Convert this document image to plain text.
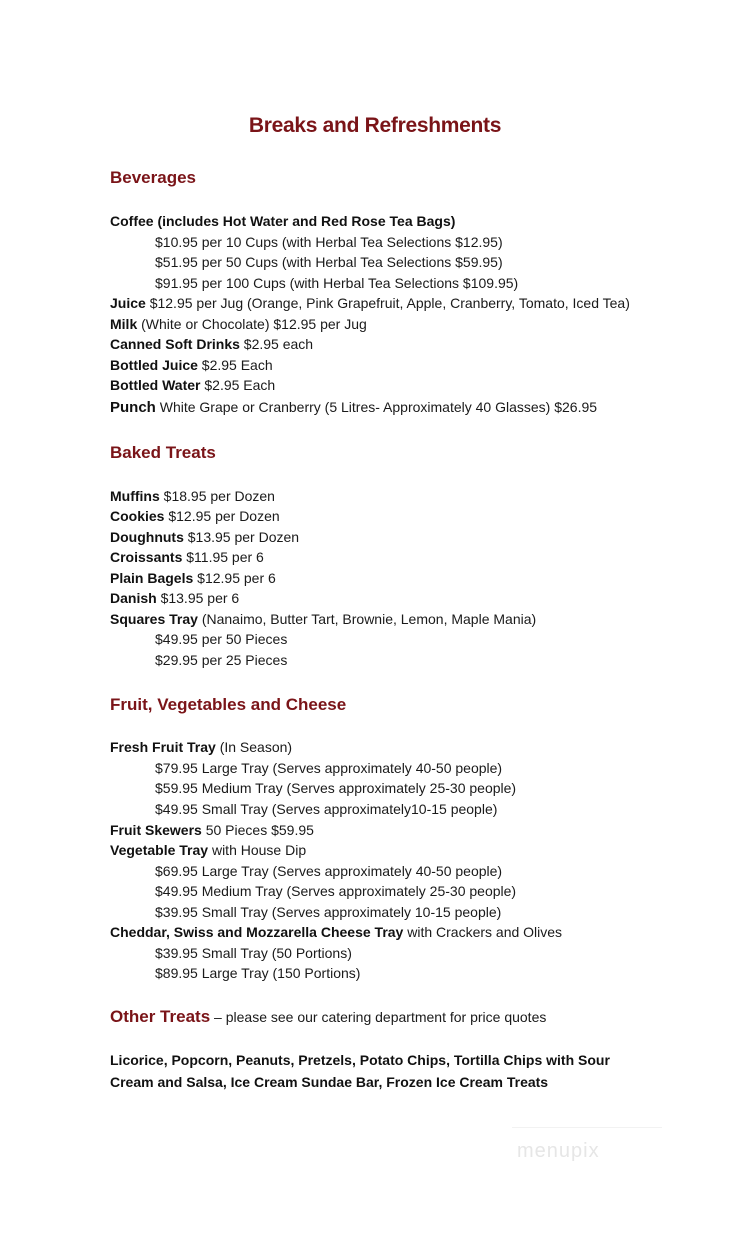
Breaks and Refreshments
Beverages
Coffee (includes Hot Water and Red Rose Tea Bags)
$10.95 per 10 Cups (with Herbal Tea Selections $12.95)
$51.95 per 50 Cups (with Herbal Tea Selections $59.95)
$91.95 per 100 Cups (with Herbal Tea Selections $109.95)
Juice $12.95 per Jug (Orange, Pink Grapefruit, Apple, Cranberry, Tomato, Iced Tea)
Milk (White or Chocolate) $12.95 per Jug
Canned Soft Drinks $2.95 each
Bottled Juice $2.95 Each
Bottled Water $2.95 Each
Punch White Grape or Cranberry (5 Litres- Approximately 40 Glasses) $26.95
Baked Treats
Muffins $18.95 per Dozen
Cookies $12.95 per Dozen
Doughnuts $13.95 per Dozen
Croissants $11.95 per 6
Plain Bagels $12.95 per 6
Danish $13.95 per 6
Squares Tray (Nanaimo, Butter Tart, Brownie, Lemon, Maple Mania)
$49.95 per 50 Pieces
$29.95 per 25 Pieces
Fruit, Vegetables and Cheese
Fresh Fruit Tray (In Season)
$79.95 Large Tray (Serves approximately 40-50 people)
$59.95 Medium Tray (Serves approximately 25-30 people)
$49.95 Small Tray (Serves approximately10-15 people)
Fruit Skewers 50 Pieces $59.95
Vegetable Tray with House Dip
$69.95 Large Tray (Serves approximately 40-50 people)
$49.95 Medium Tray (Serves approximately 25-30 people)
$39.95 Small Tray (Serves approximately 10-15 people)
Cheddar, Swiss and Mozzarella Cheese Tray with Crackers and Olives
$39.95 Small Tray (50 Portions)
$89.95 Large Tray (150 Portions)
Other Treats – please see our catering department for price quotes
Licorice, Popcorn, Peanuts, Pretzels, Potato Chips, Tortilla Chips with Sour Cream and Salsa, Ice Cream Sundae Bar, Frozen Ice Cream Treats
menupix
